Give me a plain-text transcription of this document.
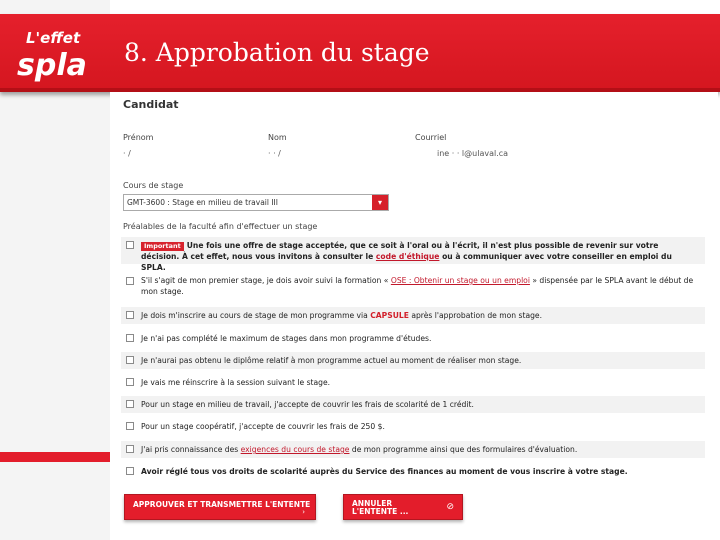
L'effet
spla 8. Approbation du stage
Candidat
Prénom
· /
Nom
· · /
Courriel
ine · · l@ulaval.ca
Cours de stage
GMT-3600 : Stage en milieu de travail III	▾
Préalables de la faculté afin d'effectuer un stage
Important Une fois une offre de stage acceptée, que ce soit à l'oral ou à l'écrit, il n'est plus possible de revenir sur votre décision. À cet effet, nous vous invitons à consulter le code d'éthique ou à communiquer avec votre conseiller en emploi du SPLA.
S'il s'agit de mon premier stage, je dois avoir suivi la formation « OSE : Obtenir un stage ou un emploi » dispensée par le SPLA avant le début de mon stage.
Je dois m'inscrire au cours de stage de mon programme via CAPSULE après l'approbation de mon stage.
Je n'ai pas complété le maximum de stages dans mon programme d'études.
Je n'aurai pas obtenu le diplôme relatif à mon programme actuel au moment de réaliser mon stage.
Je vais me réinscrire à la session suivant le stage.
Pour un stage en milieu de travail, j'accepte de couvrir les frais de scolarité de 1 crédit.
Pour un stage coopératif, j'accepte de couvrir les frais de 250 $.
J'ai pris connaissance des exigences du cours de stage de mon programme ainsi que des formulaires d'évaluation.
Avoir réglé tous vos droits de scolarité auprès du Service des finances au moment de vous inscrire à votre stage.
APPROUVER ET TRANSMETTRE L'ENTENTE
›
ANNULER
L'ENTENTE ...	⊘
